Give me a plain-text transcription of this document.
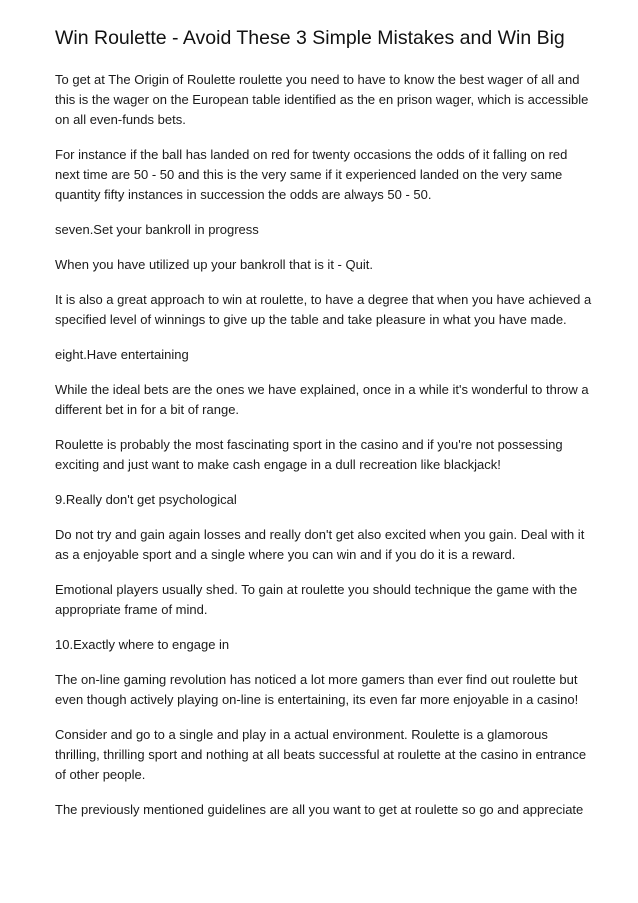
Win Roulette - Avoid These 3 Simple Mistakes and Win Big

To get at The Origin of Roulette roulette you need to have to know the best wager of all and this is the wager on the European table identified as the en prison wager, which is accessible on all even-funds bets.

For instance if the ball has landed on red for twenty occasions the odds of it falling on red next time are 50 - 50 and this is the very same if it experienced landed on the very same quantity fifty instances in succession the odds are always 50 - 50.

seven.Set your bankroll in progress

When you have utilized up your bankroll that is it - Quit.

It is also a great approach to win at roulette, to have a degree that when you have achieved a specified level of winnings to give up the table and take pleasure in what you have made.

eight.Have entertaining

While the ideal bets are the ones we have explained, once in a while it's wonderful to throw a different bet in for a bit of range.

Roulette is probably the most fascinating sport in the casino and if you're not possessing exciting and just want to make cash engage in a dull recreation like blackjack!

9.Really don't get psychological

Do not try and gain again losses and really don't get also excited when you gain. Deal with it as a enjoyable sport and a single where you can win and if you do it is a reward.

Emotional players usually shed. To gain at roulette you should technique the game with the appropriate frame of mind.

10.Exactly where to engage in

The on-line gaming revolution has noticed a lot more gamers than ever find out roulette but even though actively playing on-line is entertaining, its even far more enjoyable in a casino!

Consider and go to a single and play in a actual environment. Roulette is a glamorous thrilling, thrilling sport and nothing at all beats successful at roulette at the casino in entrance of other people.

The previously mentioned guidelines are all you want to get at roulette so go and appreciate
